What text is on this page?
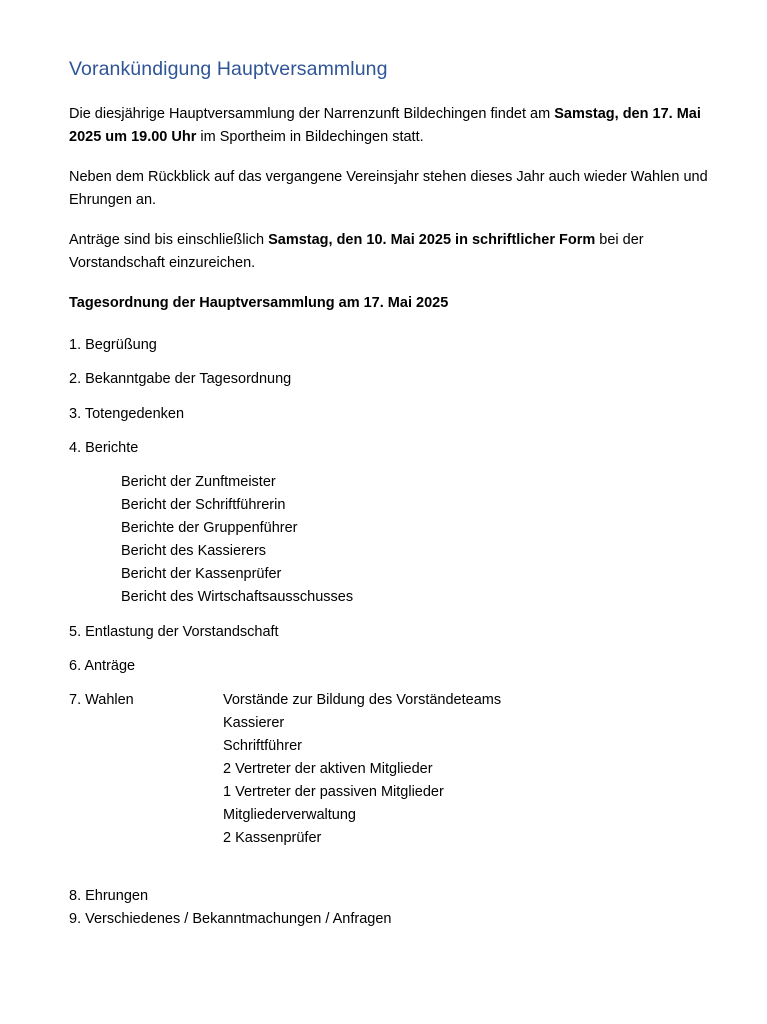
Vorankündigung Hauptversammlung

Die diesjährige Hauptversammlung der Narrenzunft Bildechingen findet am Samstag, den 17. Mai 2025 um 19.00 Uhr im Sportheim in Bildechingen statt.

Neben dem Rückblick auf das vergangene Vereinsjahr stehen dieses Jahr auch wieder Wahlen und Ehrungen an.

Anträge sind bis einschließlich Samstag, den 10. Mai 2025 in schriftlicher Form bei der Vorstandschaft einzureichen.

Tagesordnung der Hauptversammlung am 17. Mai 2025

1. Begrüßung

2. Bekanntgabe der Tagesordnung

3. Totengedenken

4. Berichte

Bericht der Zunftmeister
Bericht der Schriftführerin
Berichte der Gruppenführer
Bericht des Kassierers
Bericht der Kassenprüfer
Bericht des Wirtschaftsausschusses

5. Entlastung der Vorstandschaft

6. Anträge

7. Wahlen	Vorstände zur Bildung des Vorständeteams
Kassierer
Schriftführer
2 Vertreter der aktiven Mitglieder
1 Vertreter der passiven Mitglieder
Mitgliederverwaltung
2 Kassenprüfer

8. Ehrungen

9. Verschiedenes / Bekanntmachungen / Anfragen
